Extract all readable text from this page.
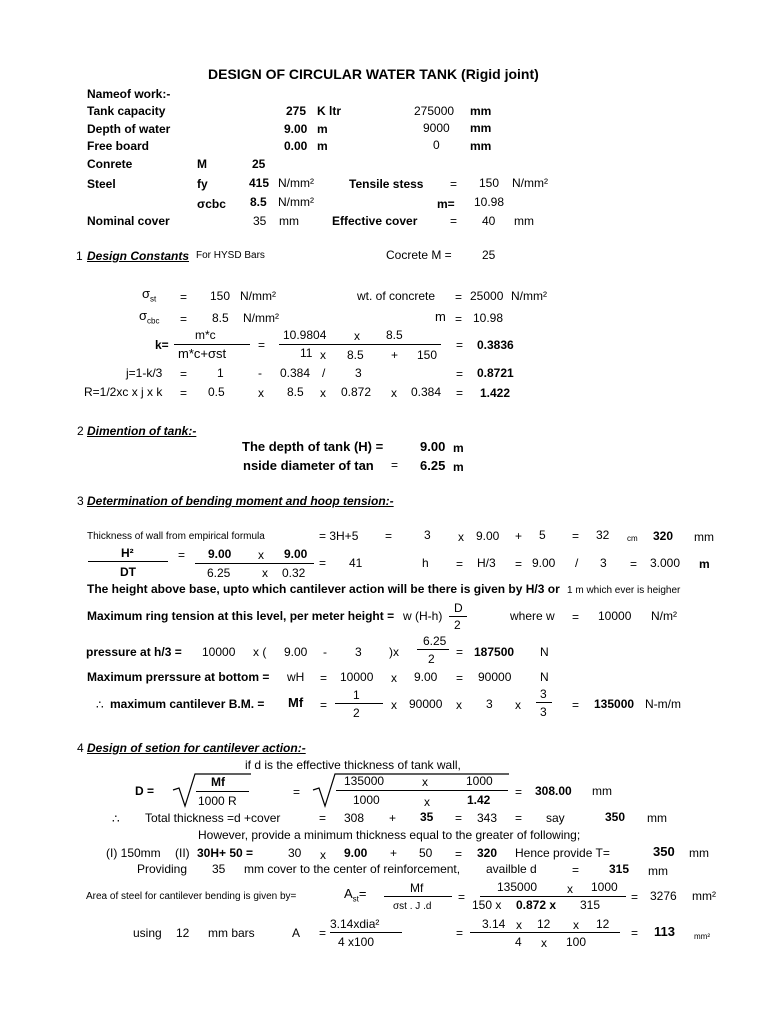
DESIGN OF CIRCULAR WATER TANK (Rigid joint)
Nameof work:-
Tank capacity	275 K ltr	275000 mm
Depth of water	9.00 m	9000 mm
Free board	0.00 m	0	mm
Conrete	M	25
Steel	fy	415 N/mm²	Tensile stess = 150 N/mm²
σcbc 8.5 N/mm²	m= 10.98
Nominal cover	35 mm	Effective cover	= 40 mm
1 Design Constants For HYSD Bars	Cocrete M =	25
$\sigma_{st} = 150$ N/mm²	wt. of concrete = 25000 N/mm²
$\sigma_{cbc} = 8.5$ N/mm²	m = 10.98
k=
m*c
m*c+σst
=
10.9804 x 8.5
11 x 8.5 + 150
= 0.3836
j=1-k/3 = 1	- 0.384 / 3	= 0.8721
R=1/2xc x j x k = 0.5	x 8.5 x 0.872 x 0.384 = 1.422
2 Dimention of tank:-
The depth of tank (H) =	9.00 m
nside diameter of tan = 6.25 m
3 Determination of bending moment and hoop tension:-
Thickness of wall from empirical formula	= 3H+5 =	3 x 9.00 + 5 = 32 cm 320 mm
H²
DT
= 9.00 x 9.00
6.25	x 0.32
= 41	h = H/3 = 9.00 / 3 = 3.000 m
The height above base, upto which cantilever action will be there is given by H/3 or 1 m which ever is heigher
Maximum ring tension at this level, per meter height = w (H-h)
D
2
where w = 10000 N/m²
pressure at h/3 = 10000 x ( 9.00 - 3 )x
6.25
2 = 187500 N
Maximum prerssure at bottom = wH = 10000 x 9.00 = 90000 N
∴ maximum cantilever B.M. = Mf =
1
2
x 90000 x 3 x
3
3 = 135000 N-m/m
4 Design of setion for cantilever action:-
if d is the effective thickness of tank wall,
D =
Mf
1000 R
=
135000	x	1000
1000	x	1.42
= 308.00 mm
∴ Total thickness =d +cover	= 308 + 35 = 343 = say	350 mm
However, provide a minimum thickness equal to the greater of following;
(I) 150mm (II) 30H+ 50 =	30 x 9.00 + 50 = 320 Hence provide T=	350 mm
Providing 35 mm cover to the center of reinforcement, availble d	= 315 mm
Area of steel for cantilever bending is given by=	$A_{st}=$	Mf
σst . J .d
=
135000 x 1000
150 x 0.872 x 315
= 3276 mm²
using 12 mm bars	A =
3.14xdia²
4 x100
=
3.14 x 12 x 12
4 x 100
= 113 mm²
